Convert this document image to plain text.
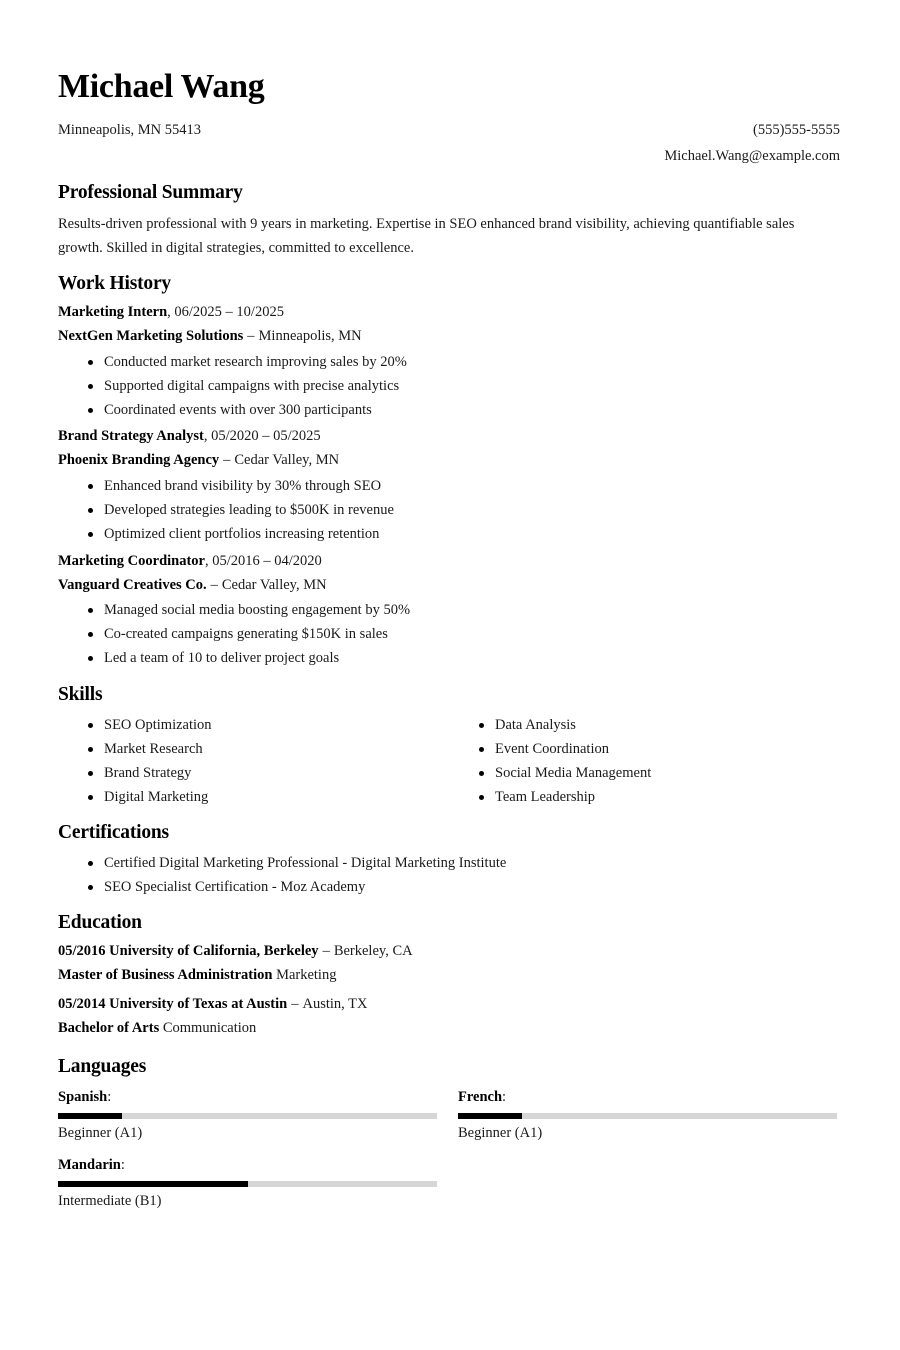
Michael Wang
Minneapolis, MN 55413	(555)555-5555
Michael.Wang@example.com
Professional Summary
Results-driven professional with 9 years in marketing. Expertise in SEO enhanced brand visibility, achieving quantifiable sales growth. Skilled in digital strategies, committed to excellence.
Work History
Marketing Intern, 06/2025 – 10/2025
NextGen Marketing Solutions – Minneapolis, MN
Conducted market research improving sales by 20%
Supported digital campaigns with precise analytics
Coordinated events with over 300 participants
Brand Strategy Analyst, 05/2020 – 05/2025
Phoenix Branding Agency – Cedar Valley, MN
Enhanced brand visibility by 30% through SEO
Developed strategies leading to $500K in revenue
Optimized client portfolios increasing retention
Marketing Coordinator, 05/2016 – 04/2020
Vanguard Creatives Co. – Cedar Valley, MN
Managed social media boosting engagement by 50%
Co-created campaigns generating $150K in sales
Led a team of 10 to deliver project goals
Skills
SEO Optimization
Market Research
Brand Strategy
Digital Marketing
Data Analysis
Event Coordination
Social Media Management
Team Leadership
Certifications
Certified Digital Marketing Professional - Digital Marketing Institute
SEO Specialist Certification - Moz Academy
Education
05/2016 University of California, Berkeley – Berkeley, CA
Master of Business Administration Marketing
05/2014 University of Texas at Austin – Austin, TX
Bachelor of Arts Communication
Languages
Spanish:
Beginner (A1)
French:
Beginner (A1)
Mandarin:
Intermediate (B1)
